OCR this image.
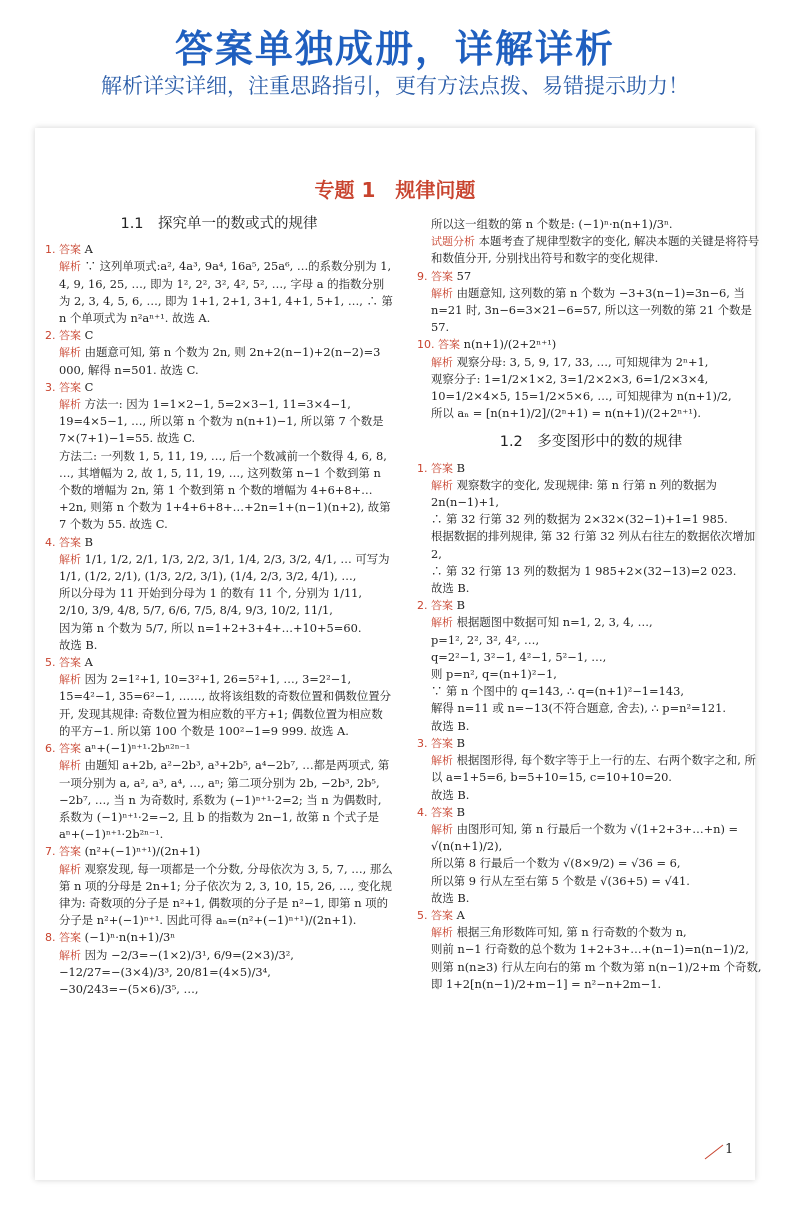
答案单独成册，详解详析
解析详实详细，注重思路指引，更有方法点拨、易错提示助力！
专题 1　规律问题
1.1　探究单一的数或式的规律
1. 答案 A
解析 ∵ 这列单项式:a², 4a³, 9a⁴, 16a⁵, 25a⁶, …的系数分别为 1, 4, 9, 16, 25, …, 即为 1², 2², 3², 4², 5², …, 字母 a 的指数分别为 2, 3, 4, 5, 6, …, 即为 1+1, 2+1, 3+1, 4+1, 5+1, …, ∴ 第 n 个单项式为 n²aⁿ⁺¹. 故选 A.
2. 答案 C
解析 由题意可知, 第 n 个数为 2n, 则 2n+2(n−1)+2(n−2)=3 000, 解得 n=501. 故选 C.
3. 答案 C
解析 方法一: 因为 1=1×2−1, 5=2×3−1, 11=3×4−1, 19=4×5−1, …, 所以第 n 个数为 n(n+1)−1, 所以第 7 个数是 7×(7+1)−1=55. 故选 C.
方法二: 一列数 1, 5, 11, 19, …, 后一个数减前一个数得 4, 6, 8, …, 其增幅为 2, 故 1, 5, 11, 19, …, 这列数第 n−1 个数到第 n 个数的增幅为 2n, 第 1 个数到第 n 个数的增幅为 4+6+8+…+2n, 则第 n 个数为 1+4+6+8+…+2n=1+(n−1)(n+2), 故第 7 个数为 55. 故选 C.
4. 答案 B
解析 1/1, 1/2, 2/1, 1/3, 2/2, 3/1, 1/4, 2/3, 3/2, 4/1, … 可写为 1/1, (1/2, 2/1), (1/3, 2/2, 3/1), (1/4, 2/3, 3/2, 4/1), …,
所以分母为 11 开始到分母为 1 的数有 11 个, 分别为 1/11, 2/10, 3/9, 4/8, 5/7, 6/6, 7/5, 8/4, 9/3, 10/2, 11/1,
因为第 n 个数为 5/7, 所以 n=1+2+3+4+…+10+5=60.
故选 B.
5. 答案 A
解析 因为 2=1²+1, 10=3²+1, 26=5²+1, …, 3=2²−1, 15=4²−1, 35=6²−1, ……, 故将该组数的奇数位置和偶数位置分开, 发现其规律: 奇数位置为相应数的平方+1; 偶数位置为相应数的平方−1. 所以第 100 个数是 100²−1=9 999. 故选 A.
6. 答案 aⁿ+(−1)ⁿ⁺¹·2bⁿ²ⁿ⁻¹
解析 由题知 a+2b, a²−2b³, a³+2b⁵, a⁴−2b⁷, …都是两项式, 第一项分别为 a, a², a³, a⁴, …, aⁿ; 第二项分别为 2b, −2b³, 2b⁵, −2b⁷, …, 当 n 为奇数时, 系数为 (−1)ⁿ⁺¹·2=2; 当 n 为偶数时, 系数为 (−1)ⁿ⁺¹·2=−2, 且 b 的指数为 2n−1, 故第 n 个式子是 aⁿ+(−1)ⁿ⁺¹·2b²ⁿ⁻¹.
7. 答案 (n²+(−1)ⁿ⁺¹)/(2n+1)
解析 观察发现, 每一项都是一个分数, 分母依次为 3, 5, 7, …, 那么第 n 项的分母是 2n+1; 分子依次为 2, 3, 10, 15, 26, …, 变化规律为: 奇数项的分子是 n²+1, 偶数项的分子是 n²−1, 即第 n 项的分子是 n²+(−1)ⁿ⁺¹. 因此可得 aₙ=(n²+(−1)ⁿ⁺¹)/(2n+1).
8. 答案 (−1)ⁿ·n(n+1)/3ⁿ
解析 因为 −2/3=−(1×2)/3¹, 6/9=(2×3)/3², −12/27=−(3×4)/3³, 20/81=(4×5)/3⁴, −30/243=−(5×6)/3⁵, …,
所以这一组数的第 n 个数是: (−1)ⁿ·n(n+1)/3ⁿ.
试题分析 本题考查了规律型数字的变化, 解决本题的关键是将符号和数值分开, 分别找出符号和数字的变化规律.
9. 答案 57
解析 由题意知, 这列数的第 n 个数为 −3+3(n−1)=3n−6, 当 n=21 时, 3n−6=3×21−6=57, 所以这一列数的第 21 个数是 57.
10. 答案 n(n+1)/(2+2ⁿ⁺¹)
解析 观察分母: 3, 5, 9, 17, 33, …, 可知规律为 2ⁿ+1,
观察分子: 1=1/2×1×2, 3=1/2×2×3, 6=1/2×3×4, 10=1/2×4×5, 15=1/2×5×6, …, 可知规律为 n(n+1)/2,
所以 aₙ = [n(n+1)/2]/(2ⁿ+1) = n(n+1)/(2+2ⁿ⁺¹).
1.2　多变图形中的数的规律
1. 答案 B
解析 观察数字的变化, 发现规律: 第 n 行第 n 列的数据为 2n(n−1)+1,
∴ 第 32 行第 32 列的数据为 2×32×(32−1)+1=1 985.
根据数据的排列规律, 第 32 行第 32 列从右往左的数据依次增加 2,
∴ 第 32 行第 13 列的数据为 1 985+2×(32−13)=2 023.
故选 B.
2. 答案 B
解析 根据题图中数据可知 n=1, 2, 3, 4, …,
p=1², 2², 3², 4², …,
q=2²−1, 3²−1, 4²−1, 5²−1, …,
则 p=n², q=(n+1)²−1,
∵ 第 n 个图中的 q=143, ∴ q=(n+1)²−1=143,
解得 n=11 或 n=−13(不符合题意, 舍去), ∴ p=n²=121.
故选 B.
3. 答案 B
解析 根据图形得, 每个数字等于上一行的左、右两个数字之和, 所以 a=1+5=6, b=5+10=15, c=10+10=20.
故选 B.
4. 答案 B
解析 由图形可知, 第 n 行最后一个数为 √(1+2+3+…+n) = √(n(n+1)/2),
所以第 8 行最后一个数为 √(8×9/2) = √36 = 6,
所以第 9 行从左至右第 5 个数是 √(36+5) = √41.
故选 B.
5. 答案 A
解析 根据三角形数阵可知, 第 n 行奇数的个数为 n,
则前 n−1 行奇数的总个数为 1+2+3+…+(n−1)=n(n−1)/2,
则第 n(n≥3) 行从左向右的第 m 个数为第 n(n−1)/2+m 个奇数,
即 1+2[n(n−1)/2+m−1] = n²−n+2m−1.
1
